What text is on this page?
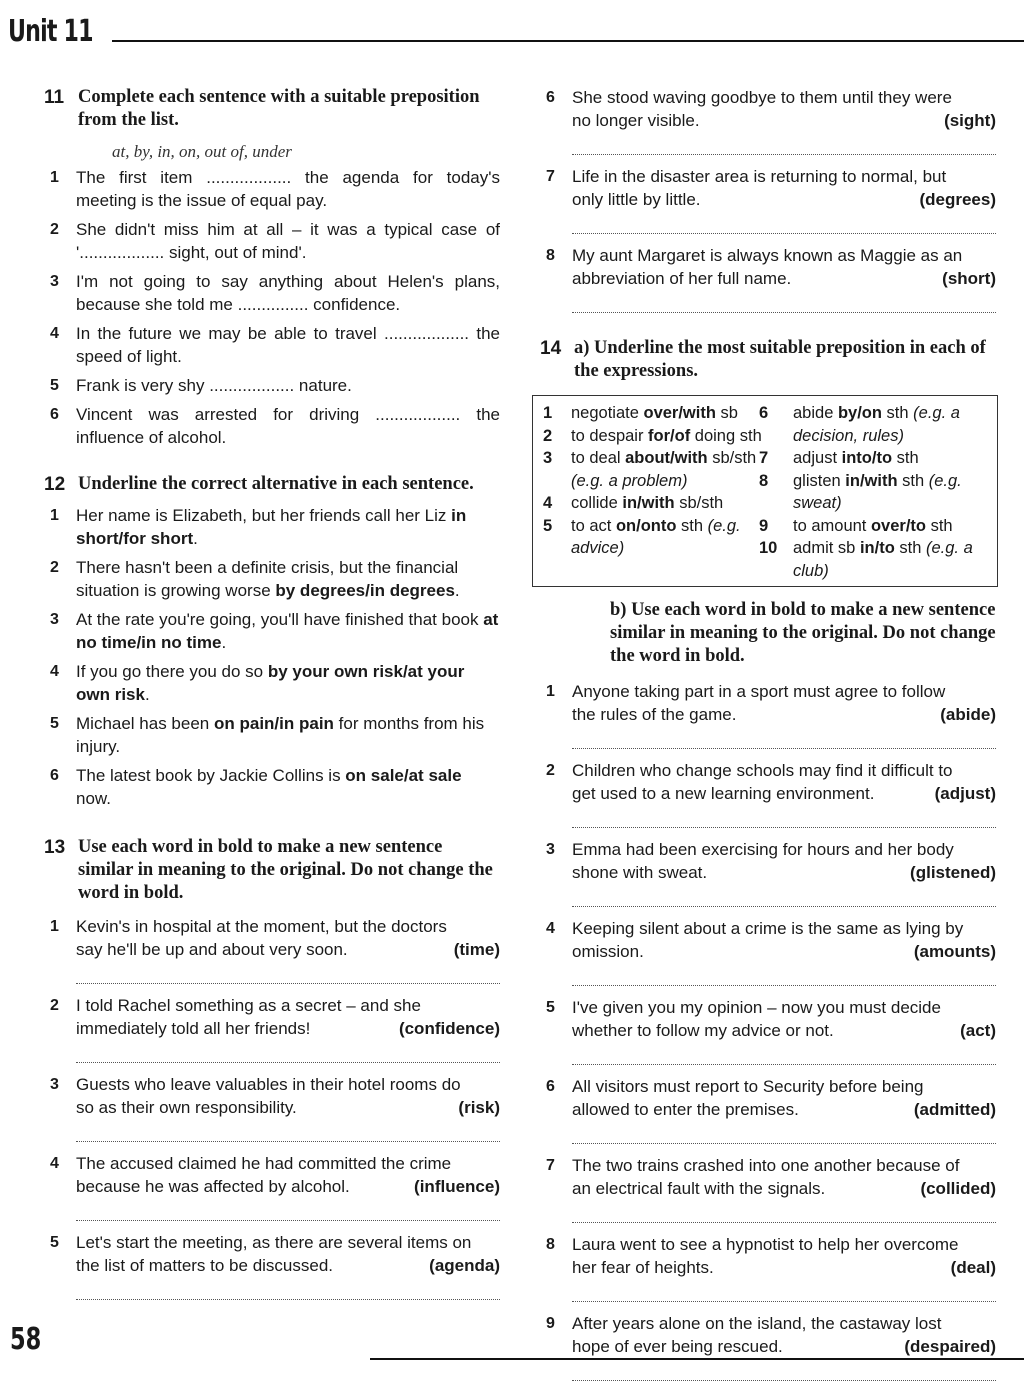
Unit 11
11 Complete each sentence with a suitable preposition from the list.
at, by, in, on, out of, under
1 The first item .................. the agenda for today's meeting is the issue of equal pay.
2 She didn't miss him at all – it was a typical case of '.................. sight, out of mind'.
3 I'm not going to say anything about Helen's plans, because she told me ............... confidence.
4 In the future we may be able to travel .................. the speed of light.
5 Frank is very shy .................. nature.
6 Vincent was arrested for driving .................. the influence of alcohol.
12 Underline the correct alternative in each sentence.
1 Her name is Elizabeth, but her friends call her Liz in short/for short.
2 There hasn't been a definite crisis, but the financial situation is growing worse by degrees/in degrees.
3 At the rate you're going, you'll have finished that book at no time/in no time.
4 If you go there you do so by your own risk/at your own risk.
5 Michael has been on pain/in pain for months from his injury.
6 The latest book by Jackie Collins is on sale/at sale now.
13 Use each word in bold to make a new sentence similar in meaning to the original. Do not change the word in bold.
1 Kevin's in hospital at the moment, but the doctors
say he'll be up and about very soon.	(time)
2 I told Rachel something as a secret – and she
immediately told all her friends!	(confidence)
3 Guests who leave valuables in their hotel rooms do
so as their own responsibility.	(risk)
4 The accused claimed he had committed the crime
because he was affected by alcohol.	(influence)
5 Let's start the meeting, as there are several items on
the list of matters to be discussed.	(agenda)
6 She stood waving goodbye to them until they were
no longer visible.	(sight)
7 Life in the disaster area is returning to normal, but
only little by little.	(degrees)
8 My aunt Margaret is always known as Maggie as an
abbreviation of her full name.	(short)
14 a) Underline the most suitable preposition in each of the expressions.
1 negotiate over/with sb
2 to despair for/of doing sth
3 to deal about/with sb/sth (e.g. a problem)
4 collide in/with sb/sth
5 to act on/onto sth (e.g. advice)
6 abide by/on sth (e.g. a decision, rules)
7 adjust into/to sth
8 glisten in/with sth (e.g. sweat)
9 to amount over/to sth
10 admit sb in/to sth (e.g. a club)
b) Use each word in bold to make a new sentence similar in meaning to the original. Do not change the word in bold.
1 Anyone taking part in a sport must agree to follow
the rules of the game.	(abide)
2 Children who change schools may find it difficult to
get used to a new learning environment.	(adjust)
3 Emma had been exercising for hours and her body
shone with sweat.	(glistened)
4 Keeping silent about a crime is the same as lying by
omission.	(amounts)
5 I've given you my opinion – now you must decide
whether to follow my advice or not.	(act)
6 All visitors must report to Security before being
allowed to enter the premises.	(admitted)
7 The two trains crashed into one another because of
an electrical fault with the signals.	(collided)
8 Laura went to see a hypnotist to help her overcome
her fear of heights.	(deal)
9 After years alone on the island, the castaway lost
hope of ever being rescued.	(despaired)
58
